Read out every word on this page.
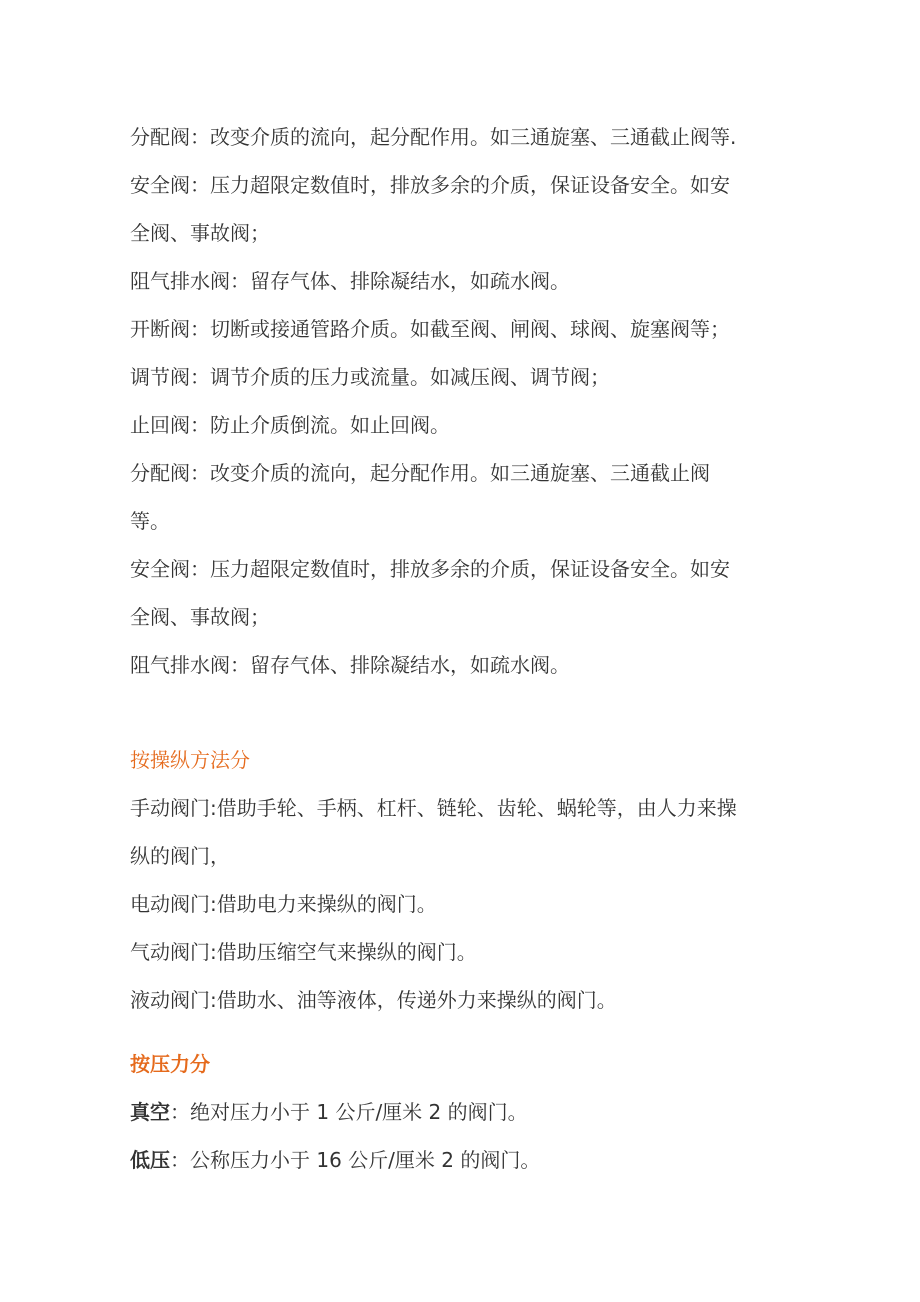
分配阀：改变介质的流向，起分配作用。如三通旋塞、三通截止阀等.
安全阀：压力超限定数值时，排放多余的介质，保证设备安全。如安
全阀、事故阀；
阻气排水阀：留存气体、排除凝结水，如疏水阀。
开断阀：切断或接通管路介质。如截至阀、闸阀、球阀、旋塞阀等；
调节阀：调节介质的压力或流量。如减压阀、调节阀；
止回阀：防止介质倒流。如止回阀。
分配阀：改变介质的流向，起分配作用。如三通旋塞、三通截止阀
等。
安全阀：压力超限定数值时，排放多余的介质，保证设备安全。如安
全阀、事故阀；
阻气排水阀：留存气体、排除凝结水，如疏水阀。
按操纵方法分
手动阀门:借助手轮、手柄、杠杆、链轮、齿轮、蜗轮等，由人力来操
纵的阀门，
电动阀门:借助电力来操纵的阀门。
气动阀门:借助压缩空气来操纵的阀门。
液动阀门:借助水、油等液体，传递外力来操纵的阀门。
按压力分
真空：绝对压力小于 1 公斤/厘米 2 的阀门。
低压：公称压力小于 16 公斤/厘米 2 的阀门。
